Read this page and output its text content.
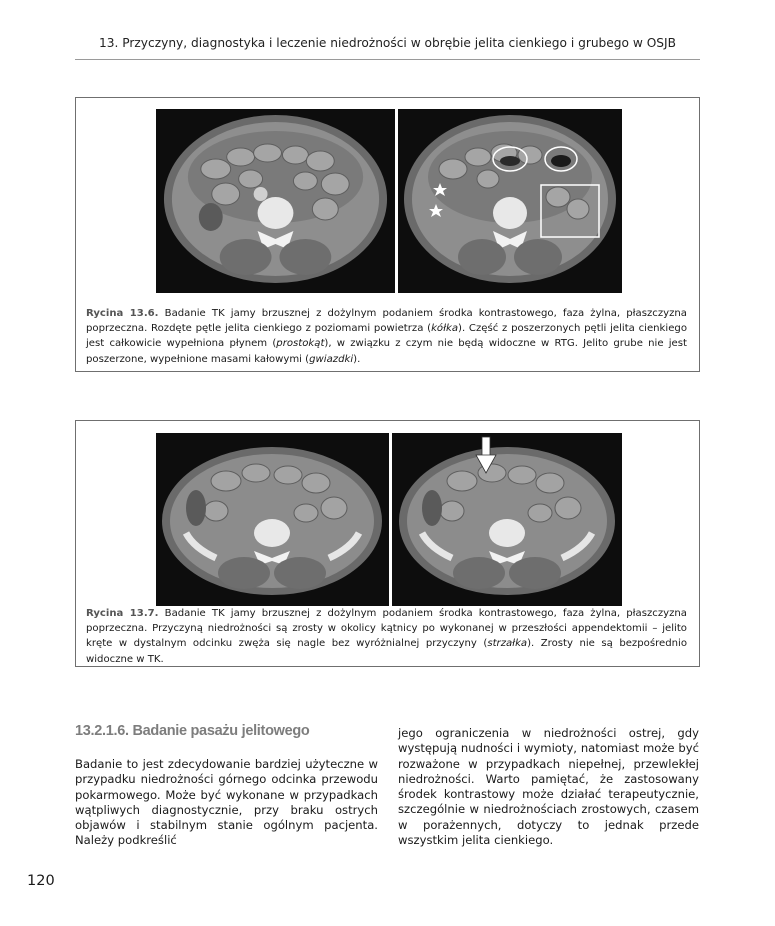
13. Przyczyny, diagnostyka i leczenie niedrożności w obrębie jelita cienkiego i grubego w OSJB
Rycina 13.6. Badanie TK jamy brzusznej z dożylnym podaniem środka kontrastowego, faza żylna, płaszczyzna poprzeczna. Rozdęte pętle jelita cienkiego z poziomami powietrza (kółka). Część z poszerzonych pętli jelita cienkiego jest całkowicie wypełniona płynem (prostokąt), w związku z czym nie będą widoczne w RTG. Jelito grube nie jest poszerzone, wypełnione masami kałowymi (gwiazdki).
Rycina 13.7. Badanie TK jamy brzusznej z dożylnym podaniem środka kontrastowego, faza żylna, płaszczyzna poprzeczna. Przyczyną niedrożności są zrosty w okolicy kątnicy po wykonanej w przeszłości appendektomii – jelito kręte w dystalnym odcinku zwęża się nagle bez wyróżnialnej przyczyny (strzałka). Zrosty nie są bezpośrednio widoczne w TK.
13.2.1.6. Badanie pasażu jelitowego
Badanie to jest zdecydowanie bardziej użyteczne w przypadku niedrożności górnego odcinka przewodu pokarmowego. Może być wykonane w przypadkach wątpliwych diagnostycznie, przy braku ostrych objawów i stabilnym stanie ogólnym pacjenta. Należy podkreślić
jego ograniczenia w niedrożności ostrej, gdy występują nudności i wymioty, natomiast może być rozważone w przypadkach niepełnej, przewlekłej niedrożności. Warto pamiętać, że zastosowany środek kontrastowy może działać terapeutycznie, szczególnie w niedrożnościach zrostowych, czasem w porażennych, dotyczy to jednak przede wszystkim jelita cienkiego.
120
